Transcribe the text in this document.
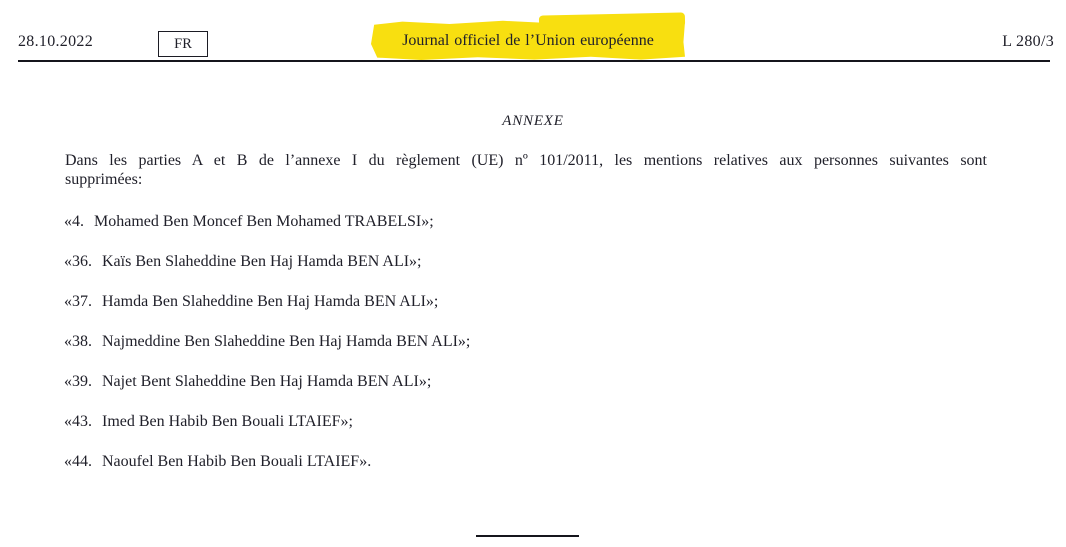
28.10.2022	FR	Journal officiel de l’Union européenne	L 280/3
ANNEXE
Dans les parties A et B de l’annexe I du règlement (UE) nº 101/2011, les mentions relatives aux personnes suivantes sont
supprimées:
«4. Mohamed Ben Moncef Ben Mohamed TRABELSI»;
«36. Kaïs Ben Slaheddine Ben Haj Hamda BEN ALI»;
«37. Hamda Ben Slaheddine Ben Haj Hamda BEN ALI»;
«38. Najmeddine Ben Slaheddine Ben Haj Hamda BEN ALI»;
«39. Najet Bent Slaheddine Ben Haj Hamda BEN ALI»;
«43. Imed Ben Habib Ben Bouali LTAIEF»;
«44. Naoufel Ben Habib Ben Bouali LTAIEF».
